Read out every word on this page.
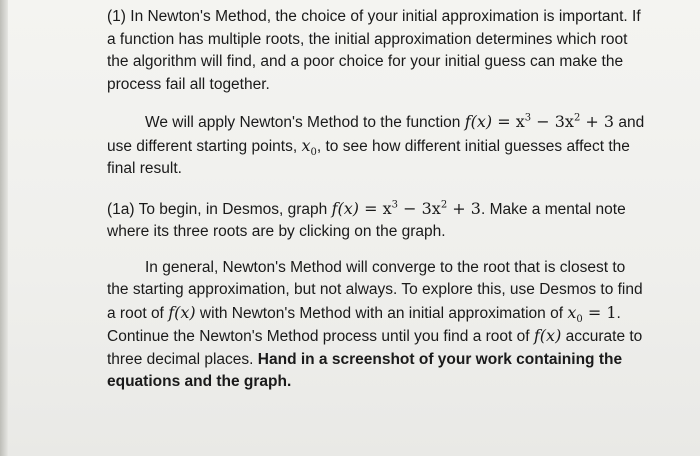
(1) In Newton's Method, the choice of your initial approximation is important. If a function has multiple roots, the initial approximation determines which root the algorithm will find, and a poor choice for your initial guess can make the process fail all together.

We will apply Newton's Method to the function $f(x) = x^3 - 3x^2 + 3$ and use different starting points, $x_0$, to see how different initial guesses affect the final result.

(1a) To begin, in Desmos, graph $f(x) = x^3 - 3x^2 + 3$. Make a mental note where its three roots are by clicking on the graph.

In general, Newton's Method will converge to the root that is closest to the starting approximation, but not always. To explore this, use Desmos to find a root of f(x) with Newton's Method with an initial approximation of $x_0 = 1$. Continue the Newton's Method process until you find a root of f(x) accurate to three decimal places. Hand in a screenshot of your work containing the equations and the graph.
